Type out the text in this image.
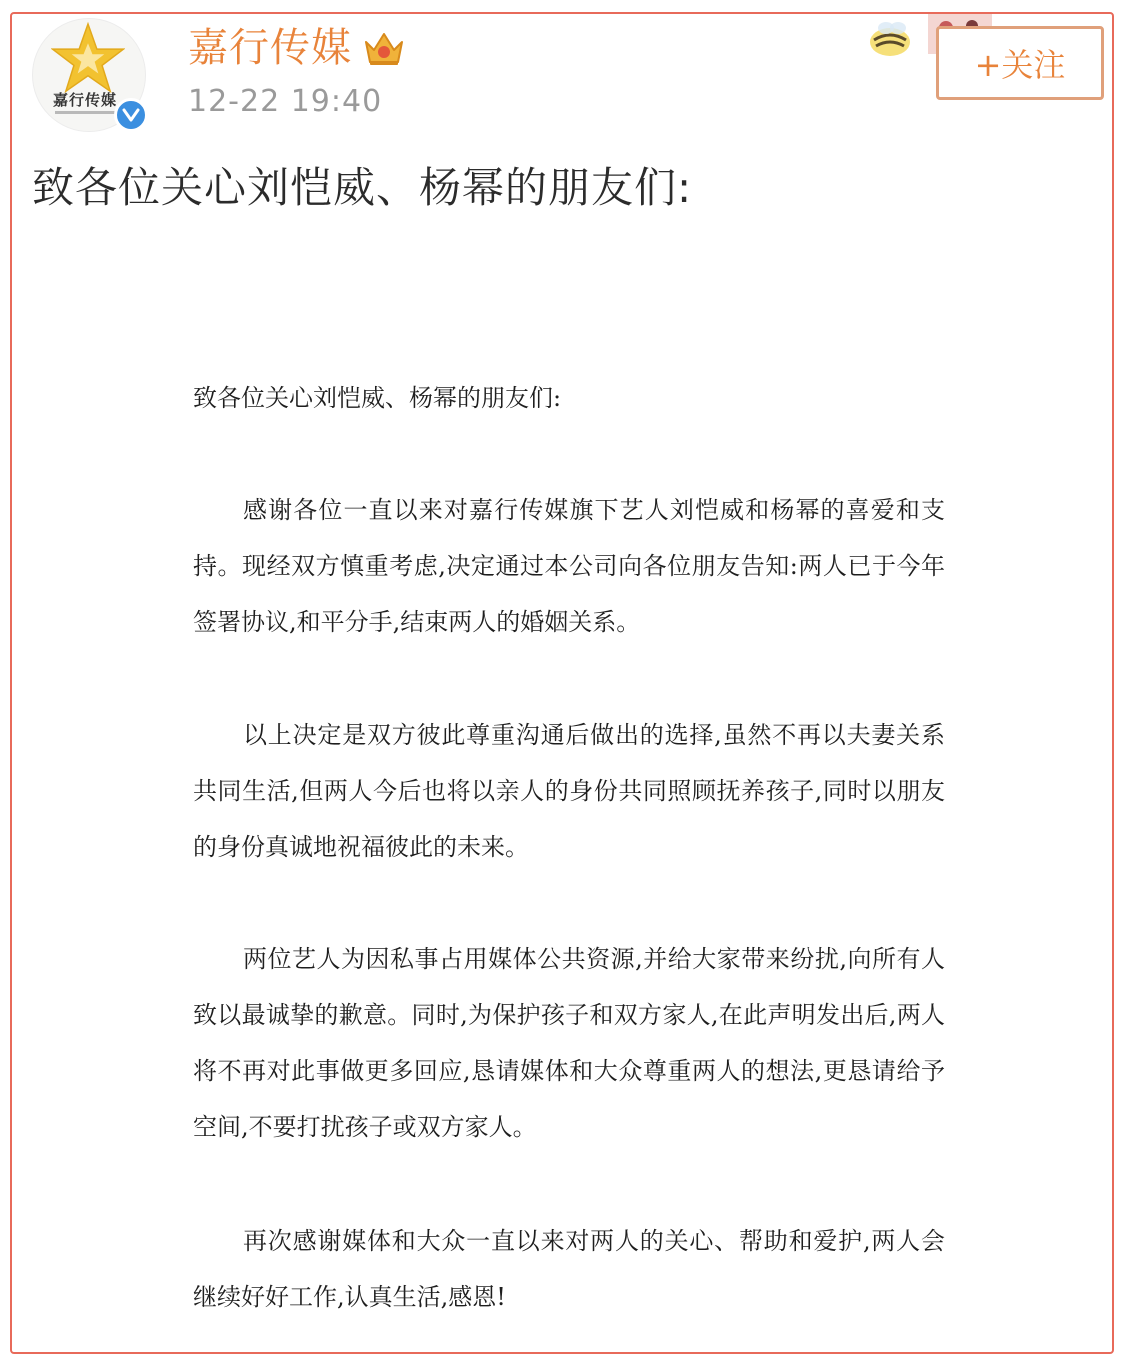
嘉行传媒
嘉行传媒
12-22 19:40
+关注
致各位关心刘恺威、杨幂的朋友们:
致各位关心刘恺威、杨幂的朋友们:

感谢各位一直以来对嘉行传媒旗下艺人刘恺威和杨幂的喜爱和支持。现经双方慎重考虑,决定通过本公司向各位朋友告知:两人已于今年签署协议,和平分手,结束两人的婚姻关系。

以上决定是双方彼此尊重沟通后做出的选择,虽然不再以夫妻关系共同生活,但两人今后也将以亲人的身份共同照顾抚养孩子,同时以朋友的身份真诚地祝福彼此的未来。

两位艺人为因私事占用媒体公共资源,并给大家带来纷扰,向所有人致以最诚挚的歉意。同时,为保护孩子和双方家人,在此声明发出后,两人将不再对此事做更多回应,恳请媒体和大众尊重两人的想法,更恳请给予空间,不要打扰孩子或双方家人。

再次感谢媒体和大众一直以来对两人的关心、帮助和爱护,两人会继续好好工作,认真生活,感恩!
